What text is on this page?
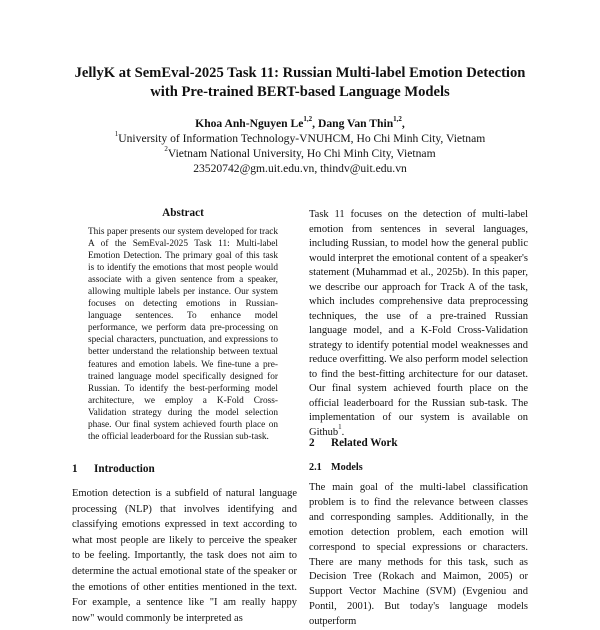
JellyK at SemEval-2025 Task 11: Russian Multi-label Emotion Detection
with Pre-trained BERT-based Language Models
Khoa Anh-Nguyen Le$^{1,2}$, Dang Van Thin$^{1,2}$,
$^1$University of Information Technology-VNUHCM, Ho Chi Minh City, Vietnam
$^2$Vietnam National University, Ho Chi Minh City, Vietnam
23520742@gm.uit.edu.vn, thindv@uit.edu.vn
Abstract
This paper presents our system developed for track A of the SemEval-2025 Task 11: Multi-label Emotion Detection. The primary goal of this task is to identify the emotions that most people would associate with a given sentence from a speaker, allowing multiple labels per instance. Our system focuses on detecting emotions in Russian-language sentences. To enhance model performance, we perform data pre-processing on special characters, punctuation, and expressions to better understand the relationship between textual features and emotion labels. We fine-tune a pre-trained language model specifically designed for Russian. To identify the best-performing model architecture, we employ a K-Fold Cross-Validation strategy during the model selection phase. Our final system achieved fourth place on the official leaderboard for the Russian sub-task.
1 Introduction
Emotion detection is a subfield of natural language processing (NLP) that involves identifying and classifying emotions expressed in text according to what most people are likely to perceive the speaker to be feeling. Importantly, the task does not aim to determine the actual emotional state of the speaker or the emotions of other entities mentioned in the text. For example, a sentence like "I am really happy now" would commonly be interpreted as
Task 11 focuses on the detection of multi-label emotion from sentences in several languages, including Russian, to model how the general public would interpret the emotional content of a speaker's statement (Muhammad et al., 2025b). In this paper, we describe our approach for Track A of the task, which includes comprehensive data preprocessing techniques, the use of a pre-trained Russian language model, and a K-Fold Cross-Validation strategy to identify potential model weaknesses and reduce overfitting. We also perform model selection to find the best-fitting architecture for our dataset. Our final system achieved fourth place on the official leaderboard for the Russian sub-task. The implementation of our system is available on Github$^1$.
2 Related Work
2.1 Models
The main goal of the multi-label classification problem is to find the relevance between classes and corresponding samples. Additionally, in the emotion detection problem, each emotion will correspond to special expressions or characters. There are many methods for this task, such as Decision Tree (Rokach and Maimon, 2005) or Support Vector Machine (SVM) (Evgeniou and Pontil, 2001). But today's language models outperform
